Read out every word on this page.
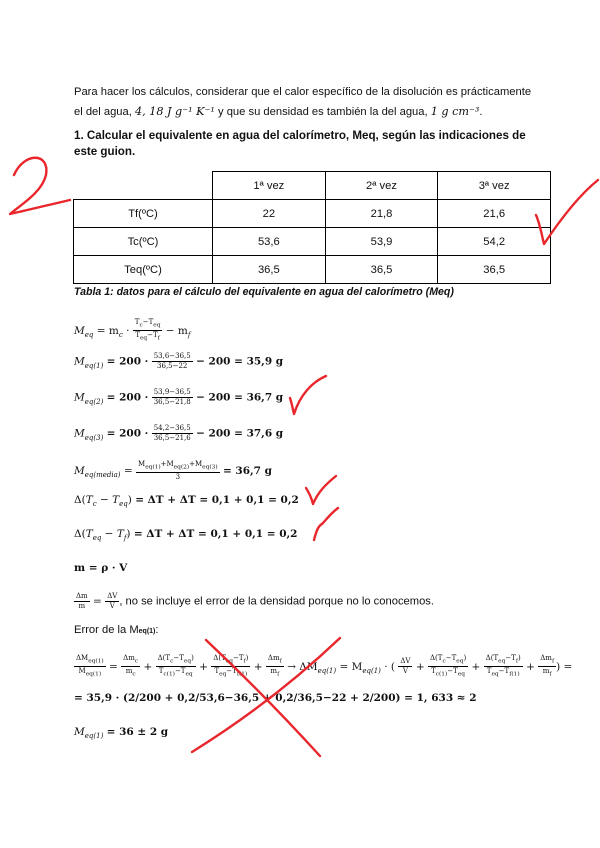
Para hacer los cálculos, considerar que el calor específico de la disolución es prácticamente
el del agua, 4, 18 J g⁻¹ K⁻¹ y que su densidad es también la del agua, 1 g cm⁻³.
1. Calcular el equivalente en agua del calorímetro, Meq, según las indicaciones de este guion.
	1ª vez	2ª vez	3ª vez
Tf(ºC)	22	21,8	21,6
Tc(ºC)	53,6	53,9	54,2
Teq(ºC)	36,5	36,5	36,5
Tabla 1: datos para el cálculo del equivalente en agua del calorímetro (Meq)
$M_{eq} = m_c \cdot \frac{T_c-T_{eq}}{T_{eq}-T_f} - m_f$
$M_{eq(1)} = 200 \cdot \frac{53,6-36,5}{36,5-22} - 200 = 35,9$ g
$M_{eq(2)} = 200 \cdot \frac{53,9-36,5}{36,5-21,8} - 200 = 36,7$ g
$M_{eq(3)} = 200 \cdot \frac{54,2-36,5}{36,5-21,6} - 200 = 37,6$ g
$M_{eq(media)} = \frac{M_{eq(1)}+M_{eq(2)}+M_{eq(3)}}{3} = 36,7$ g
$\Delta(T_c - T_{eq}) = \Delta T + \Delta T = 0,1 + 0,1 = 0,2$
$\Delta(T_{eq} - T_f) = \Delta T + \Delta T = 0,1 + 0,1 = 0,2$
m = ρ · V
$\frac{\Delta m}{m} = \frac{\Delta V}{V}$ , no se incluye el error de la densidad porque no lo conocemos.
Error de la Meq(1):
$\frac{\Delta M_{eq(1)}}{M_{eq(1)}} = \frac{\Delta m_c}{m_c} + \frac{\Delta(T_c-T_{eq})}{T_{c(1)}-T_{eq}} + \frac{\Delta(T_{eq}-T_f)}{T_{eq}-T_{f(1)}} + \frac{\Delta m_f}{m_f} \to \Delta M_{eq(1)} = M_{eq(1)}$ · ( $\frac{\Delta V}{V} + \frac{\Delta(T_c-T_{eq})}{T_{c(1)}-T_{eq}} + \frac{\Delta(T_{eq}-T_f)}{T_{eq}-T_{f(1)}} + \frac{\Delta m_f}{m_f}$ ) =
= 35,9 · (2/200 + 0,2/53,6−36,5 + 0,2/36,5−22 + 2/200) = 1, 633 ≈ 2
$M_{eq(1)} = 36 \pm 2$ g
